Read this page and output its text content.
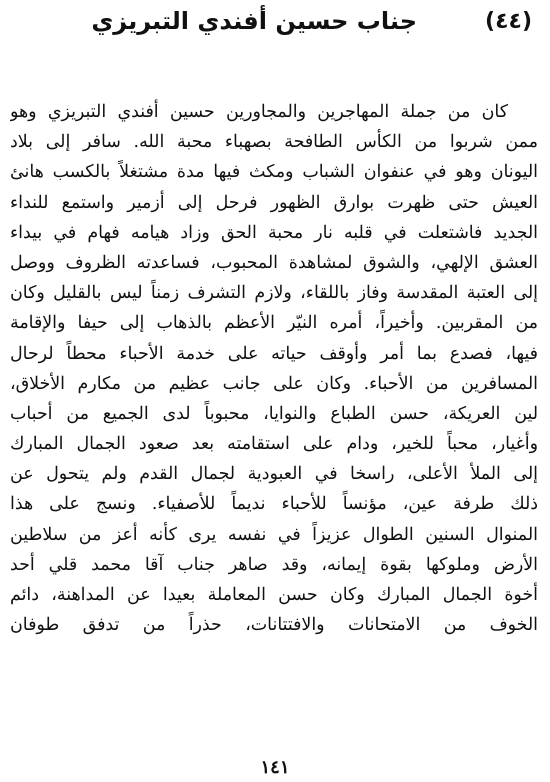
(٤٤)
جناب حسين أفندي التبريزي
كان من جملة المهاجرين والمجاورين حسين أفندي التبريزي وهو
ممن شربوا من الكأس الطافحة بصهباء محبة الله. سافر إلى بلاد
اليونان وهو في عنفوان الشباب ومكث فيها مدة مشتغلاً بالكسب هانئ
العيش حتى ظهرت بوارق الظهور فرحل إلى أزمير واستمع للنداء
الجديد فاشتعلت في قلبه نار محبة الحق وزاد هيامه فهام في بيداء
العشق الإلهي، والشوق لمشاهدة المحبوب، فساعدته الظروف ووصل
إلى العتبة المقدسة وفاز باللقاء، ولازم التشرف زمناً ليس بالقليل وكان
من المقربين. وأخيراً، أمره النيّر الأعظم بالذهاب إلى حيفا والإقامة
فيها، فصدع بما أمر وأوقف حياته على خدمة الأحباء محطاً لرحال
المسافرين من الأحباء. وكان على جانب عظيم من مكارم الأخلاق،
لين العريكة، حسن الطباع والنوايا، محبوباً لدى الجميع من أحباب
وأغيار، محباً للخير، ودام على استقامته بعد صعود الجمال المبارك
إلى الملأ الأعلى، راسخا في العبودية لجمال القدم ولم يتحول عن
ذلك طرفة عين، مؤنساً للأحباء نديماً للأصفياء. ونسج على هذا
المنوال السنين الطوال عزيزاً في نفسه يرى كأنه أعز من سلاطين
الأرض وملوكها بقوة إيمانه، وقد صاهر جناب آقا محمد قلي أحد
أخوة الجمال المبارك وكان حسن المعاملة بعيدا عن المداهنة، دائم
الخوف من الامتحانات والافتتانات، حذراً من تدفق طوفان
١٤١
